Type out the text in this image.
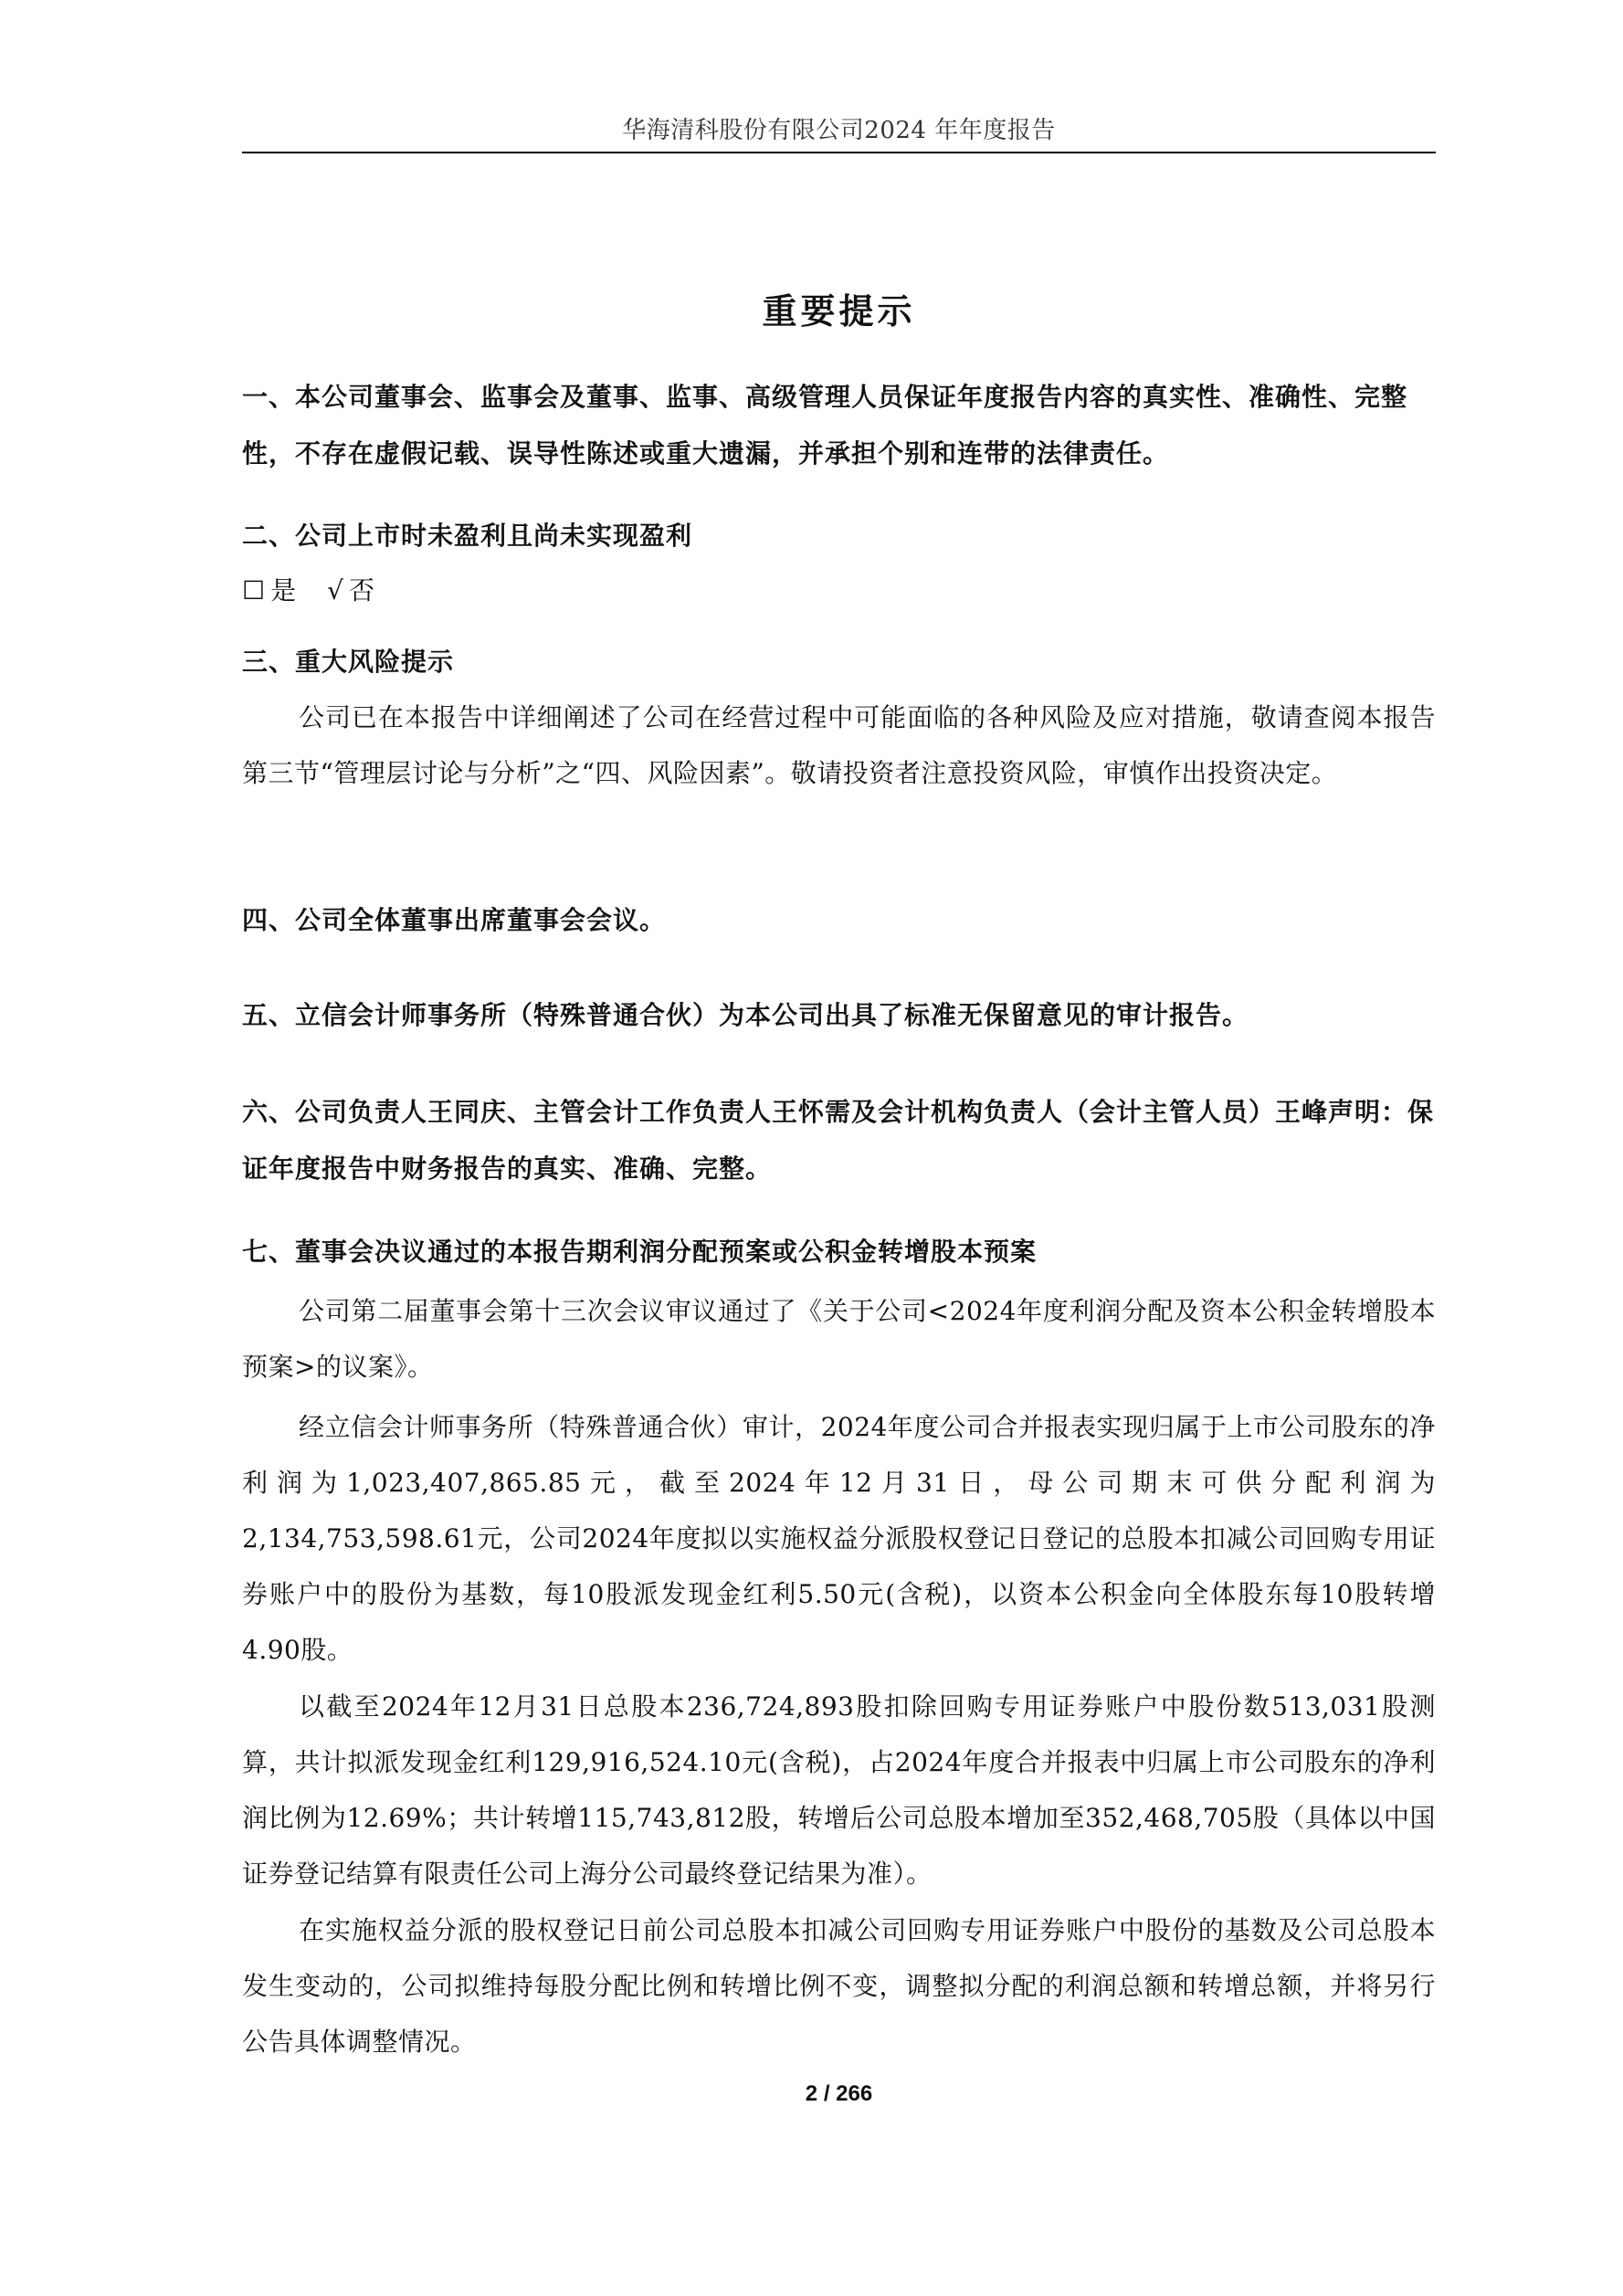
华海清科股份有限公司2024 年年度报告
重要提示
一、本公司董事会、监事会及董事、监事、高级管理人员保证年度报告内容的真实性、准确性、完整性，不存在虚假记载、误导性陈述或重大遗漏，并承担个别和连带的法律责任。
二、公司上市时未盈利且尚未实现盈利
☐ 是 √ 否
三、重大风险提示
公司已在本报告中详细阐述了公司在经营过程中可能面临的各种风险及应对措施，敬请查阅本报告第三节“管理层讨论与分析”之“四、风险因素”。敬请投资者注意投资风险，审慎作出投资决定。
四、公司全体董事出席董事会会议。
五、立信会计师事务所（特殊普通合伙）为本公司出具了标准无保留意见的审计报告。
六、公司负责人王同庆、主管会计工作负责人王怀需及会计机构负责人（会计主管人员）王峰声明：保证年度报告中财务报告的真实、准确、完整。
七、董事会决议通过的本报告期利润分配预案或公积金转增股本预案
公司第二届董事会第十三次会议审议通过了《关于公司<2024年度利润分配及资本公积金转增股本预案>的议案》。
经立信会计师事务所（特殊普通合伙）审计，2024年度公司合并报表实现归属于上市公司股东的净利润为1,023,407,865.85元，截至2024年12月31日，母公司期末可供分配利润为2,134,753,598.61元，公司2024年度拟以实施权益分派股权登记日登记的总股本扣减公司回购专用证券账户中的股份为基数，每10股派发现金红利5.50元(含税)，以资本公积金向全体股东每10股转增4.90股。
以截至2024年12月31日总股本236,724,893股扣除回购专用证券账户中股份数513,031股测算，共计拟派发现金红利129,916,524.10元(含税)，占2024年度合并报表中归属上市公司股东的净利润比例为12.69%；共计转增115,743,812股，转增后公司总股本增加至352,468,705股（具体以中国证券登记结算有限责任公司上海分公司最终登记结果为准）。
在实施权益分派的股权登记日前公司总股本扣减公司回购专用证券账户中股份的基数及公司总股本发生变动的，公司拟维持每股分配比例和转增比例不变，调整拟分配的利润总额和转增总额，并将另行公告具体调整情况。
2 / 266
